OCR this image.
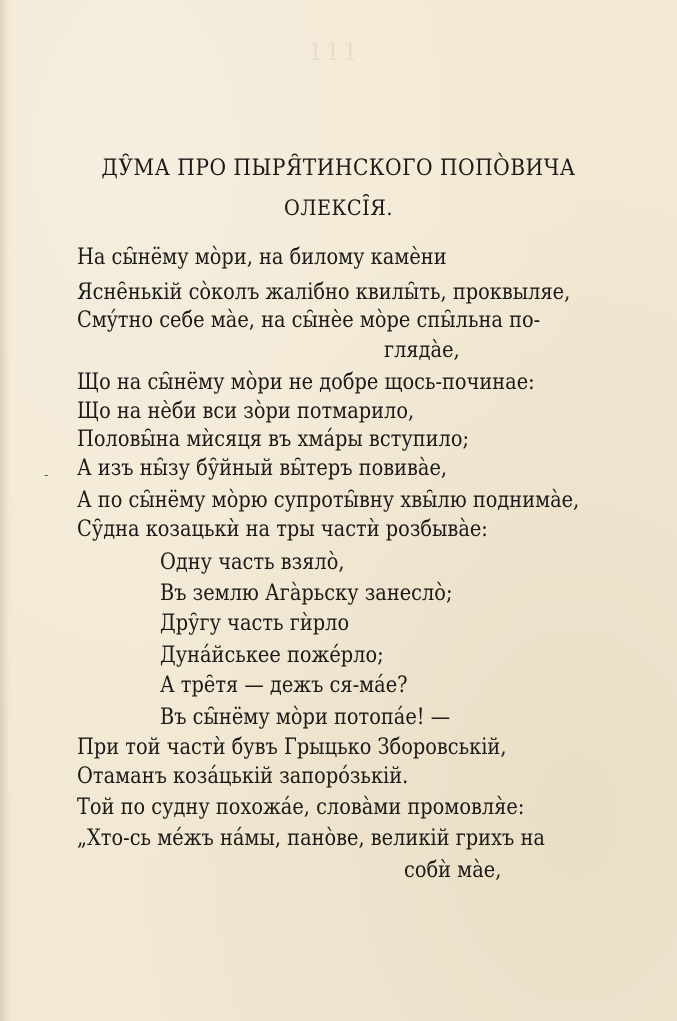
111
ДУ̑МА ПРО ПЫРЯ̑ТИНСКОГО ПОПО̀ВИЧА
ОЛЕКСІ̑Я.
-
На сы̑нёму мо̀ри, на билому камѐни
Ясне̑нькій со̀колъ жалібно квилы̑ть, проквыляе,
Смýтно себе ма̀е, на сы̑нѐе мо̀ре спы̑льна по-
глядàе,
Що на сы̑нёму мо̀ри не добре щось-починае:
Що на нѐби вси зо̀ри потмарило,
Половы̑на мѝсяця въ хма́ры вступило;
А изъ ны̑зу бу̑йный вы̑теръ повива̀е,
А по сы̑нёму мо̀рю супроты̑вну хвы̑лю поднима̀е,
Су̑дна козацькѝ на тры частѝ розбыва̀е:
Одну часть взяло̀,
Въ землю Ага̀рьску занесло̀;
Дру̑гу часть гѝрло
Дуна́йськее поже́рло;
А тре̑тя — дежъ ся-ма́е?
Въ сы̑нёму мо̀ри потопа́е! —
При той частѝ бувъ Грыцько Зборовській,
Отаманъ коза́цькій запоро́зькій.
Той по судну похожа́е, слова̀ми промовля̀е:
„Хто-сь ме́жъ на́мы, пано̀ве, великій грихъ на
собѝ ма̀е,
